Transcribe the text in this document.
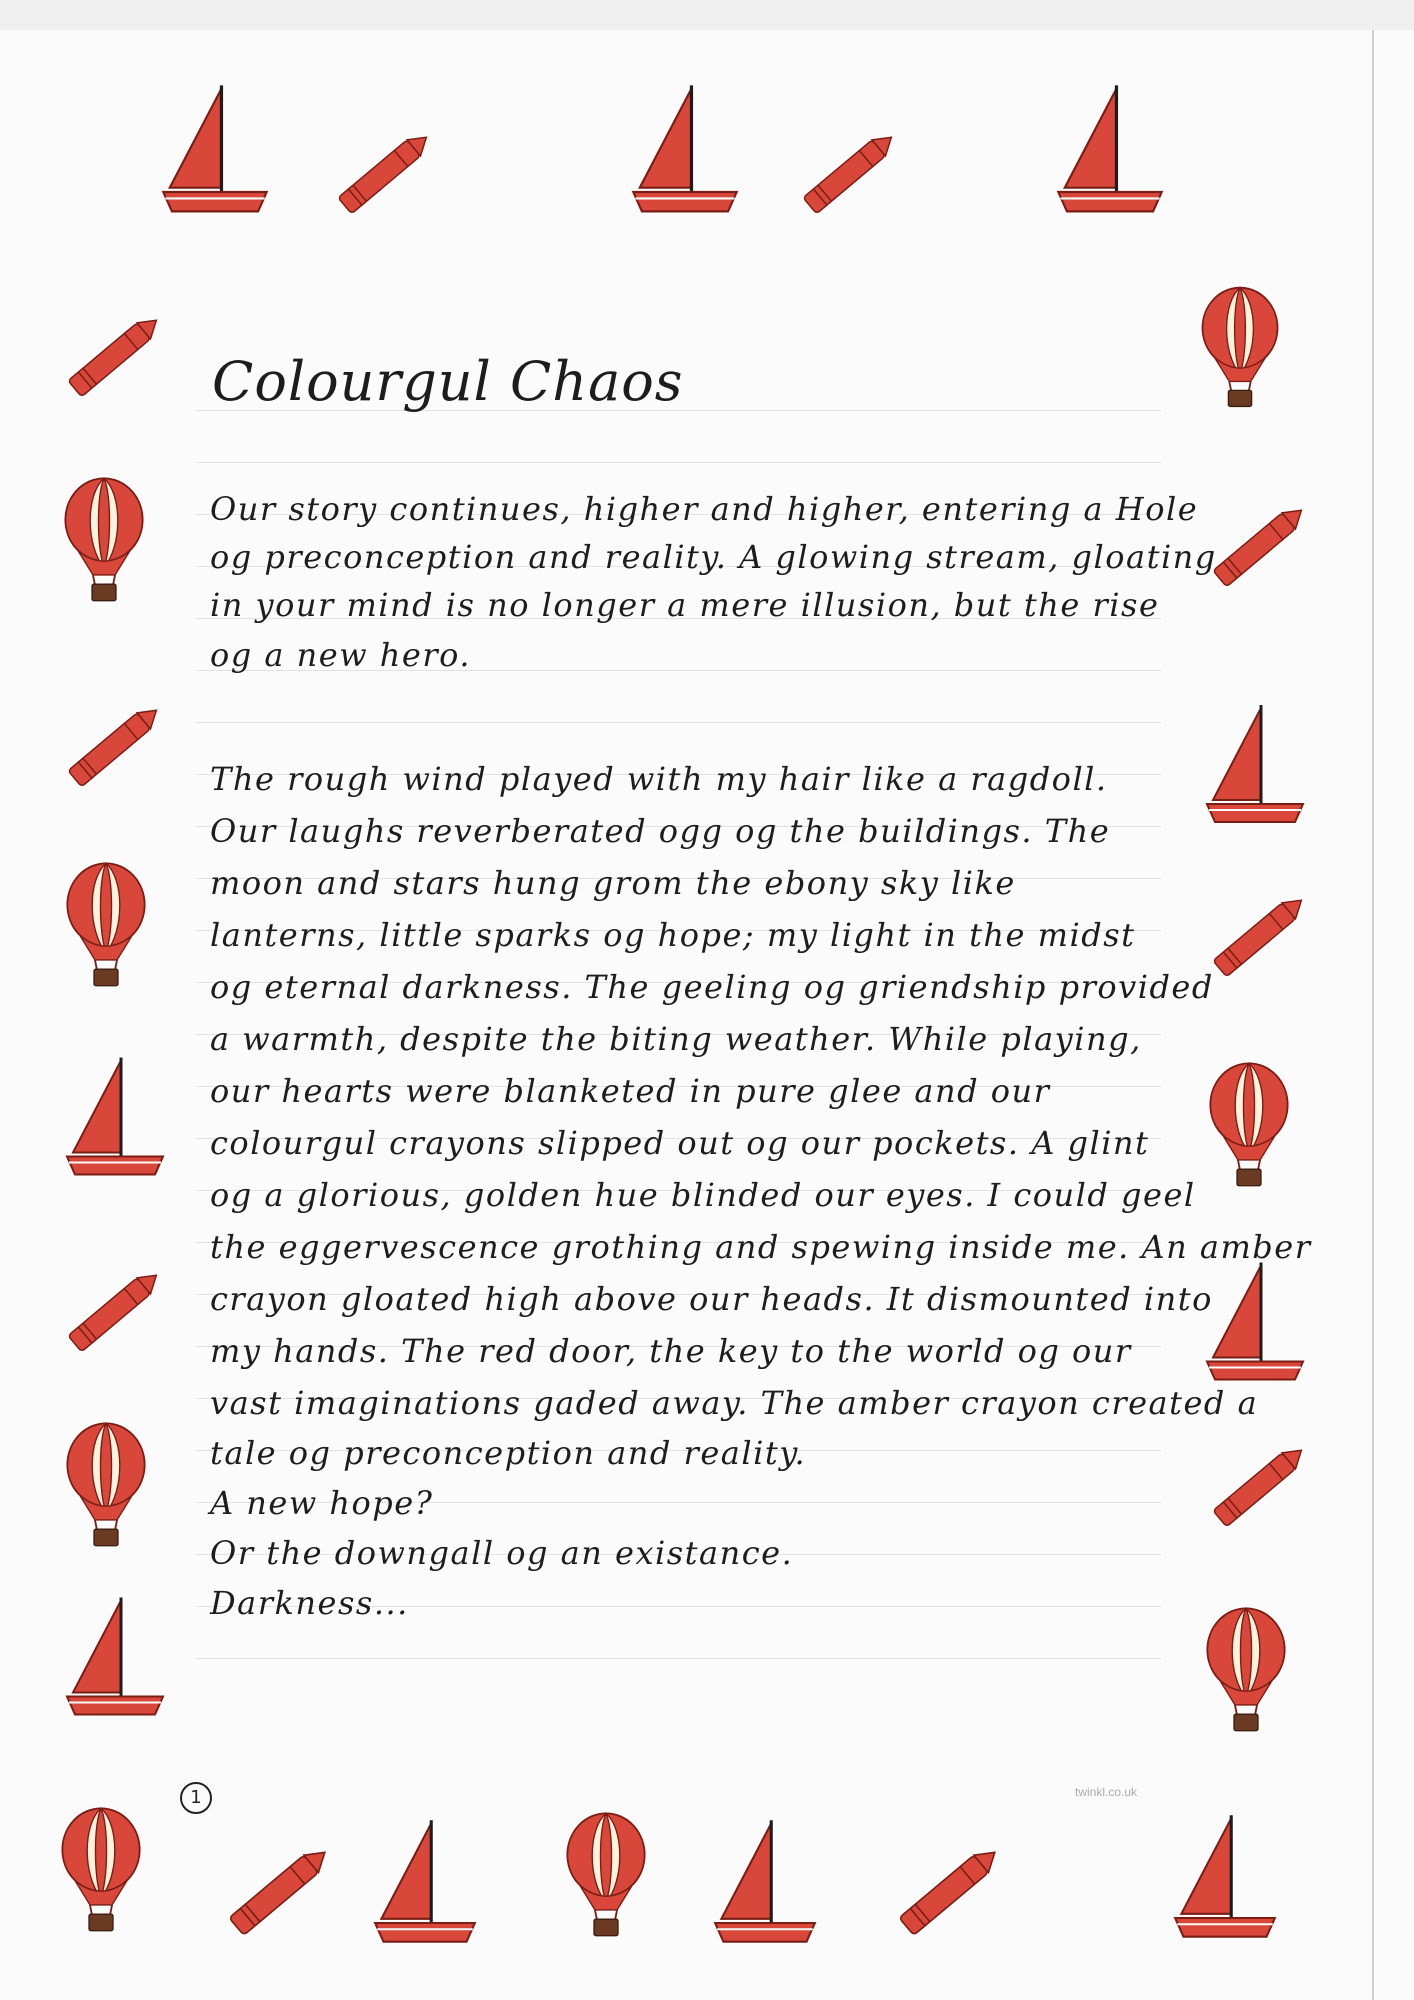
Colourgul Chaos
Our story continues, higher and higher, entering a Hole
og preconception and reality. A glowing stream, gloating
in your mind is no longer a mere illusion, but the rise
og a new hero.
The rough wind played with my hair like a ragdoll.
Our laughs reverberated ogg og the buildings. The
moon and stars hung grom the ebony sky like
lanterns, little sparks og hope; my light in the midst
og eternal darkness. The geeling og griendship provided
a warmth, despite the biting weather. While playing,
our hearts were blanketed in pure glee and our
colourgul crayons slipped out og our pockets. A glint
og a glorious, golden hue blinded our eyes. I could geel
the eggervescence grothing and spewing inside me. An amber
crayon gloated high above our heads. It dismounted into
my hands. The red door, the key to the world og our
vast imaginations gaded away. The amber crayon created a
tale og preconception and reality.
A new hope?
Or the downgall og an existance.
Darkness...
1	twinkl.co.uk
